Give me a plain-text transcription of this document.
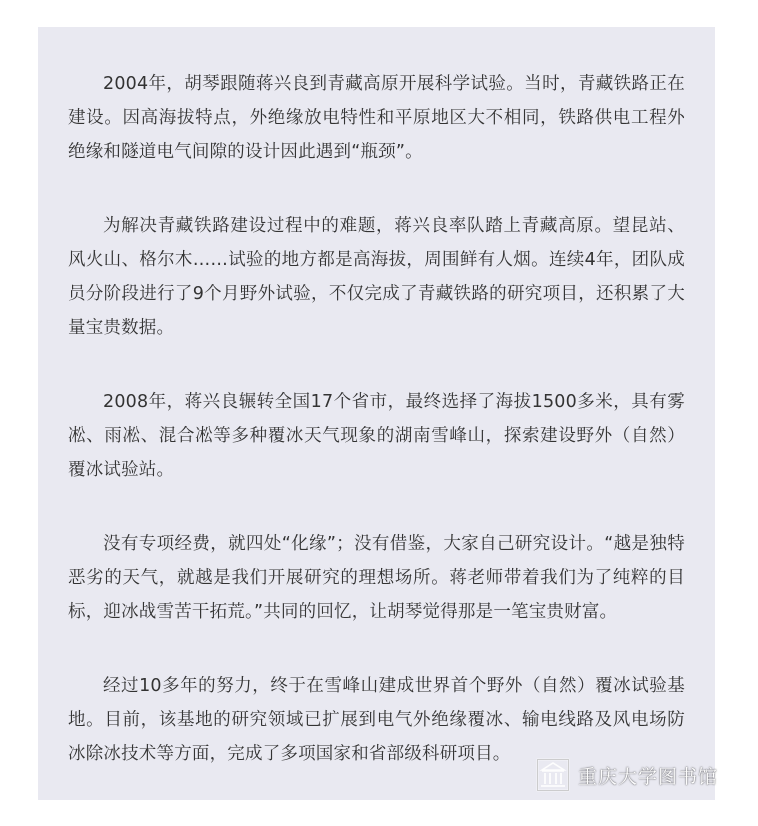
2004年，胡琴跟随蒋兴良到青藏高原开展科学试验。当时，青藏铁路正在建设。因高海拔特点，外绝缘放电特性和平原地区大不相同，铁路供电工程外绝缘和隧道电气间隙的设计因此遇到“瓶颈”。

为解决青藏铁路建设过程中的难题，蒋兴良率队踏上青藏高原。望昆站、风火山、格尔木……试验的地方都是高海拔，周围鲜有人烟。连续4年，团队成员分阶段进行了9个月野外试验，不仅完成了青藏铁路的研究项目，还积累了大量宝贵数据。

2008年，蒋兴良辗转全国17个省市，最终选择了海拔1500多米，具有雾凇、雨凇、混合凇等多种覆冰天气现象的湖南雪峰山，探索建设野外（自然）覆冰试验站。

没有专项经费，就四处“化缘”；没有借鉴，大家自己研究设计。“越是独特恶劣的天气，就越是我们开展研究的理想场所。蒋老师带着我们为了纯粹的目标，迎冰战雪苦干拓荒。”共同的回忆，让胡琴觉得那是一笔宝贵财富。

经过10多年的努力，终于在雪峰山建成世界首个野外（自然）覆冰试验基地。目前，该基地的研究领域已扩展到电气外绝缘覆冰、输电线路及风电场防冰除冰技术等方面，完成了多项国家和省部级科研项目。

重庆大学图书馆
